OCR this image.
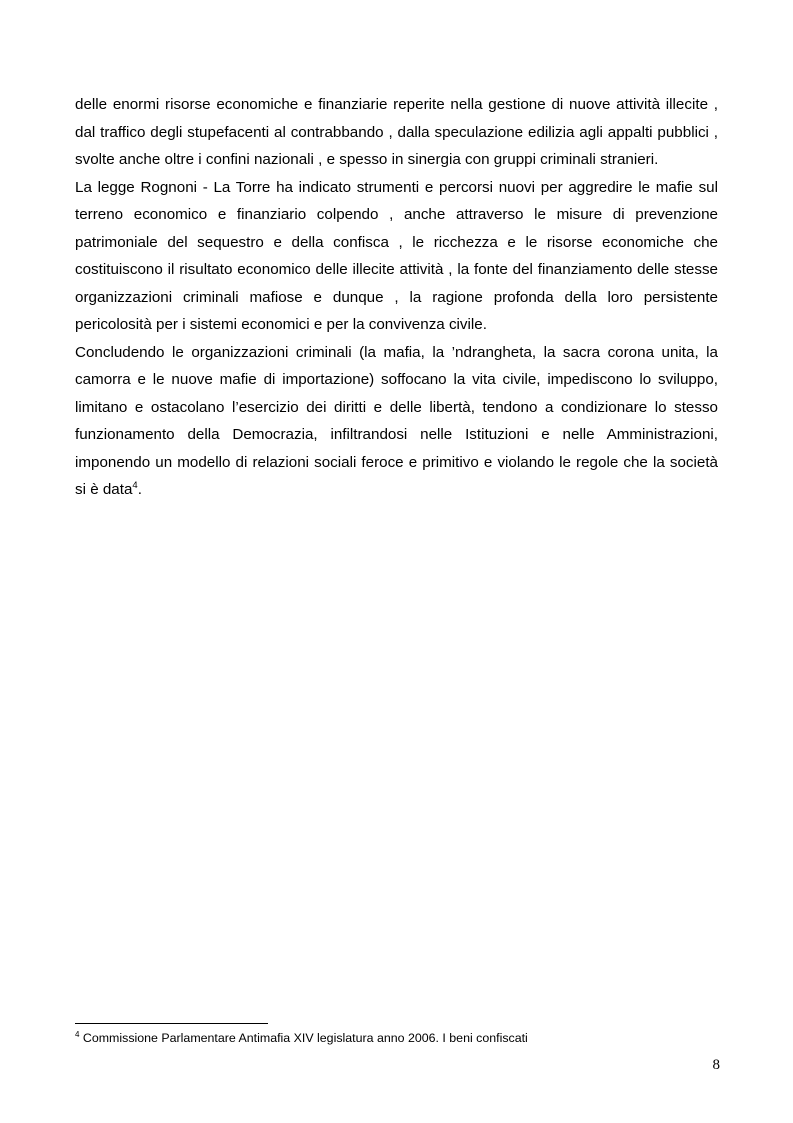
delle enormi risorse economiche e finanziarie reperite nella gestione di nuove attività illecite , dal traffico degli stupefacenti al contrabbando , dalla speculazione edilizia agli appalti pubblici , svolte anche oltre i confini nazionali , e spesso in sinergia con gruppi criminali stranieri.

La legge Rognoni - La Torre ha indicato strumenti e percorsi nuovi per aggredire le mafie sul terreno economico e finanziario colpendo , anche attraverso le misure di prevenzione patrimoniale del sequestro e della confisca , le ricchezza e le risorse economiche che costituiscono il risultato economico delle illecite attività , la fonte del finanziamento delle stesse organizzazioni criminali mafiose e dunque , la ragione profonda della loro persistente pericolosità per i sistemi economici e per la convivenza civile.

Concludendo le organizzazioni criminali (la mafia, la ’ndrangheta, la sacra corona unita, la camorra e le nuove mafie di importazione) soffocano la vita civile, impediscono lo sviluppo, limitano e ostacolano l’esercizio dei diritti e delle libertà, tendono a condizionare lo stesso funzionamento della Democrazia, infiltrandosi nelle Istituzioni e nelle Amministrazioni, imponendo un modello di relazioni sociali feroce e primitivo e violando le regole che la società si è data$^4$.

$^4$ Commissione Parlamentare Antimafia XIV legislatura anno 2006. I beni confiscati
8
